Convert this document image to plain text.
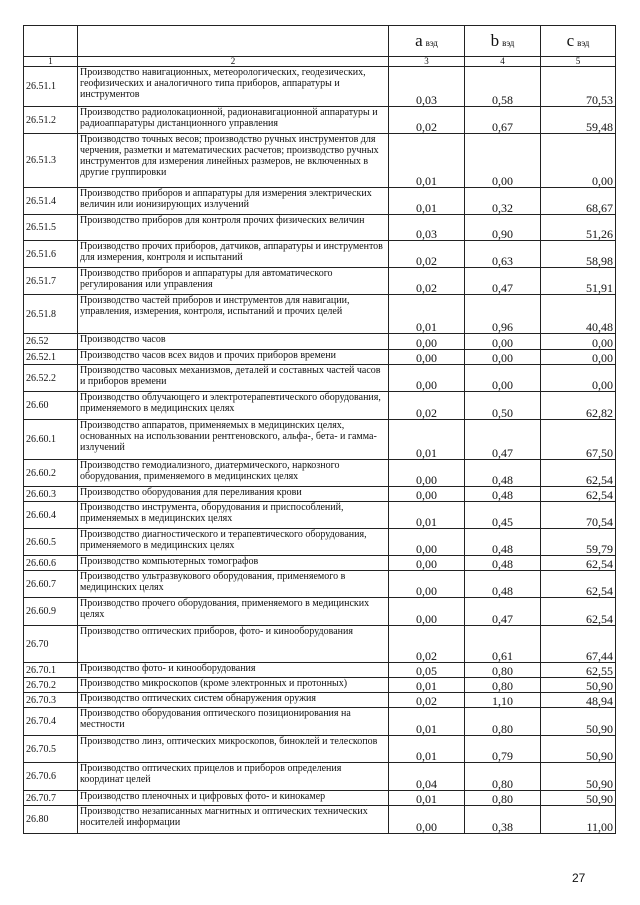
		a вэд	b вэд	c вэд
1	2	3	4	5
26.51.1	Производство навигационных, метеорологических, геодезических, геофизических и аналогичного типа приборов, аппаратуры и инструментов	0,03	0,58	70,53
26.51.2	Производство радиолокационной, радионавигационной аппаратуры и радиоаппаратуры дистанционного управления	0,02	0,67	59,48
26.51.3	Производство точных весов; производство ручных инструментов для черчения, разметки и математических расчетов; производство ручных инструментов для измерения линейных размеров, не включенных в другие группировки	0,01	0,00	0,00
26.51.4	Производство приборов и аппаратуры для измерения электрических величин или ионизирующих излучений	0,01	0,32	68,67
26.51.5	Производство приборов для контроля прочих физических величин	0,03	0,90	51,26
26.51.6	Производство прочих приборов, датчиков, аппаратуры и инструментов для измерения, контроля и испытаний	0,02	0,63	58,98
26.51.7	Производство приборов и аппаратуры для автоматического регулирования или управления	0,02	0,47	51,91
26.51.8	Производство частей приборов и инструментов для навигации, управления, измерения, контроля, испытаний и прочих целей	0,01	0,96	40,48
26.52	Производство часов	0,00	0,00	0,00
26.52.1	Производство часов всех видов и прочих приборов времени	0,00	0,00	0,00
26.52.2	Производство часовых механизмов, деталей и составных частей часов и приборов времени	0,00	0,00	0,00
26.60	Производство облучающего и электротерапевтического оборудования, применяемого в медицинских целях	0,02	0,50	62,82
26.60.1	Производство аппаратов, применяемых в медицинских целях, основанных на использовании рентгеновского, альфа-, бета- и гамма-излучений	0,01	0,47	67,50
26.60.2	Производство гемодиализного, диатермического, наркозного оборудования, применяемого в медицинских целях	0,00	0,48	62,54
26.60.3	Производство оборудования для переливания крови	0,00	0,48	62,54
26.60.4	Производство инструмента, оборудования и приспособлений, применяемых в медицинских целях	0,01	0,45	70,54
26.60.5	Производство диагностического и терапевтического оборудования, применяемого в медицинских целях	0,00	0,48	59,79
26.60.6	Производство компьютерных томографов	0,00	0,48	62,54
26.60.7	Производство ультразвукового оборудования, применяемого в медицинских целях	0,00	0,48	62,54
26.60.9	Производство прочего оборудования, применяемого в медицинских целях	0,00	0,47	62,54
26.70	Производство оптических приборов, фото- и кинооборудования	0,02	0,61	67,44
26.70.1	Производство фото- и кинооборудования	0,05	0,80	62,55
26.70.2	Производство микроскопов (кроме электронных и протонных)	0,01	0,80	50,90
26.70.3	Производство оптических систем обнаружения оружия	0,02	1,10	48,94
26.70.4	Производство оборудования оптического позиционирования на местности	0,01	0,80	50,90
26.70.5	Производство линз, оптических микроскопов, биноклей и телескопов	0,01	0,79	50,90
26.70.6	Производство оптических прицелов и приборов определения координат целей	0,04	0,80	50,90
26.70.7	Производство пленочных и цифровых фото- и кинокамер	0,01	0,80	50,90
26.80	Производство незаписанных магнитных и оптических технических носителей информации	0,00	0,38	11,00
27
